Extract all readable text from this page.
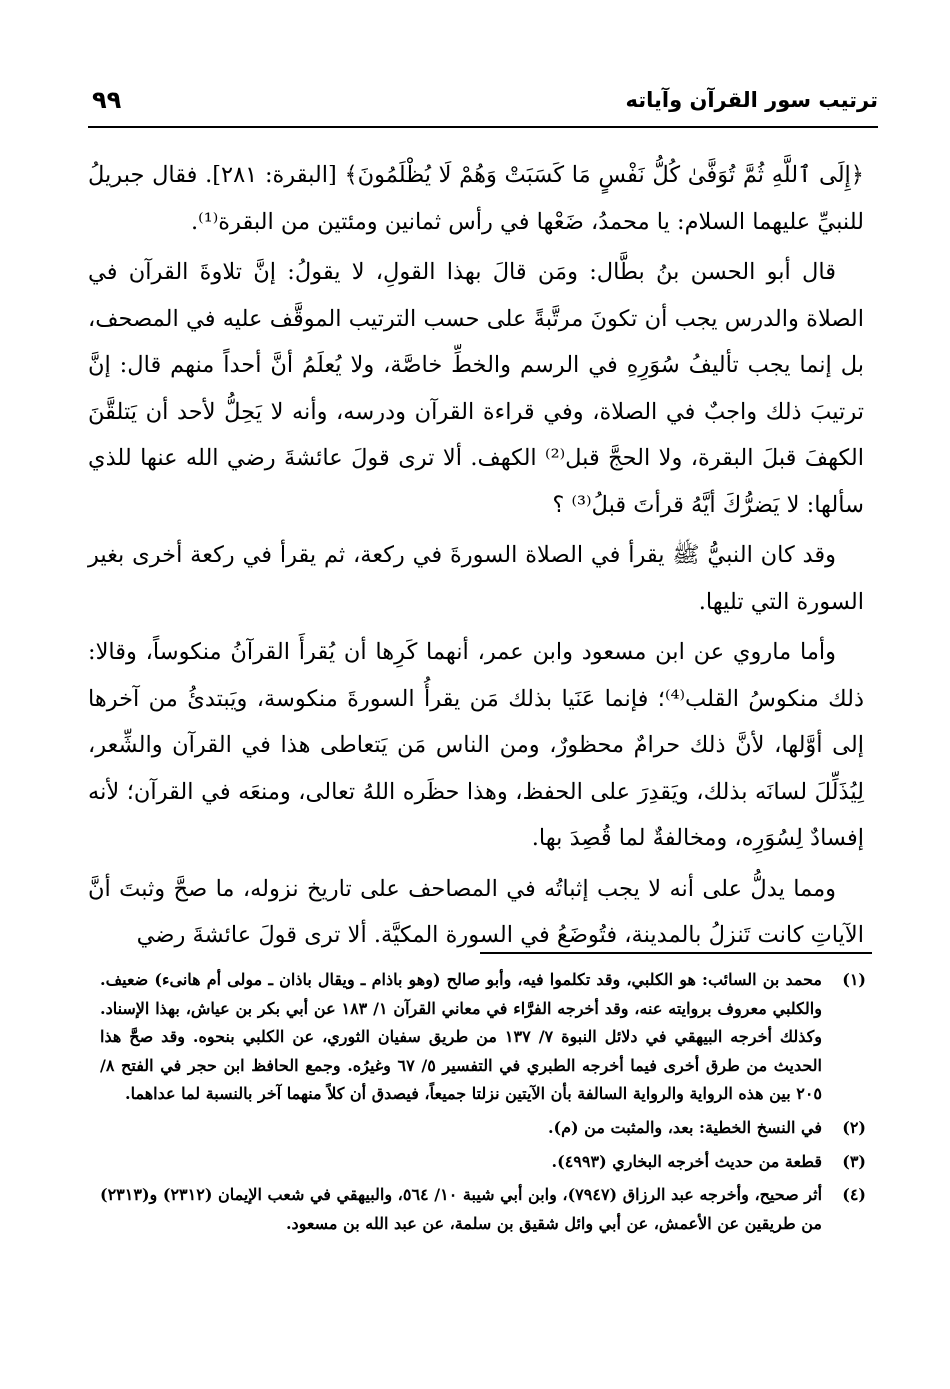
ترتيب سور القرآن وآياته
٩٩

﴿إِلَى ٱللَّهِ ثُمَّ تُوَفَّىٰ كُلُّ نَفْسٍ مَا كَسَبَتْ وَهُمْ لَا يُظْلَمُونَ﴾ [البقرة: ٢٨١]. فقال جبريلُ للنبيِّ عليهما السلام: يا محمدُ، ضَعْها في رأس ثمانين ومئتين من البقرة⁽¹⁾.

قال أبو الحسن بنُ بطَّال: ومَن قالَ بهذا القولِ، لا يقولُ: إنَّ تلاوةَ القرآن في الصلاة والدرس يجب أن تكونَ مرتَّبةً على حسب الترتيب الموقَّف عليه في المصحف، بل إنما يجب تأليفُ سُوَرِهِ في الرسم والخطِّ خاصَّة، ولا يُعلَمُ أنَّ أحداً منهم قال: إنَّ ترتيبَ ذلك واجبٌ في الصلاة، وفي قراءة القرآن ودرسه، وأنه لا يَحِلُّ لأحد أن يَتلقَّنَ الكهفَ قبلَ البقرة، ولا الحجَّ قبل⁽²⁾ الكهف. ألا ترى قولَ عائشةَ رضي الله عنها للذي سألها: لا يَضرُّكَ أيَّهُ قرأتَ قبلُ⁽³⁾ ؟

وقد كان النبيُّ ﷺ يقرأ في الصلاة السورةَ في ركعة، ثم يقرأ في ركعة أخرى بغير السورة التي تليها.

وأما ماروي عن ابن مسعود وابن عمر، أنهما كَرِها أن يُقرأَ القرآنُ منكوساً، وقالا: ذلك منكوسُ القلب⁽⁴⁾؛ فإنما عَنَيا بذلك مَن يقرأُ السورةَ منكوسة، ويَبتدئُ من آخرها إلى أوَّلها، لأنَّ ذلك حرامٌ محظورٌ، ومن الناس مَن يَتعاطى هذا في القرآن والشِّعر، لِيُذَلِّلَ لسانَه بذلك، ويَقدِرَ على الحفظ، وهذا حظَره اللهُ تعالى، ومنعَه في القرآن؛ لأنه إفسادٌ لِسُوَرِه، ومخالفةٌ لما قُصِدَ بها.

ومما يدلُّ على أنه لا يجب إثباتُه في المصاحف على تاريخ نزوله، ما صحَّ وثبتَ أنَّ الآياتِ كانت تَنزلُ بالمدينة، فتُوضَعُ في السورة المكيَّة. ألا ترى قولَ عائشةَ رضي

(١)
محمد بن السائب: هو الكلبي، وقد تكلموا فيه، وأبو صالح (وهو باذام ـ ويقال باذان ـ مولى أم هانىء) ضعيف. والكلبي معروف بروايته عنه، وقد أخرجه الفرَّاء في معاني القرآن ١/ ١٨٣ عن أبي بكر بن عياش، بهذا الإسناد. وكذلك أخرجه البيهقي في دلائل النبوة ٧/ ١٣٧ من طريق سفيان الثوري، عن الكلبي بنحوه. وقد صحَّ هذا الحديث من طرق أخرى فيما أخرجه الطبري في التفسير ٥/ ٦٧ وغيرُه. وجمع الحافظ ابن حجر في الفتح ٨/ ٢٠٥ بين هذه الرواية والرواية السالفة بأن الآيتين نزلتا جميعاً، فيصدق أن كلاً منهما آخر بالنسبة لما عداهما.
(٢)
في النسخ الخطية: بعد، والمثبت من (م).
(٣)
قطعة من حديث أخرجه البخاري (٤٩٩٣).
(٤)
أثر صحيح، وأخرجه عبد الرزاق (٧٩٤٧)، وابن أبي شيبة ١٠/ ٥٦٤، والبيهقي في شعب الإيمان (٢٣١٢) و(٢٣١٣) من طريقين عن الأعمش، عن أبي وائل شقيق بن سلمة، عن عبد الله بن مسعود.
